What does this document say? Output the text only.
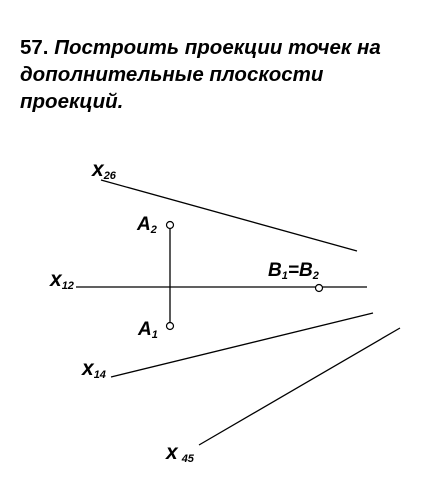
57. Построить проекции точек на
дополнительные плоскости проекций.
x26
x12
x14
x 45
A2
A1
B1=B2
